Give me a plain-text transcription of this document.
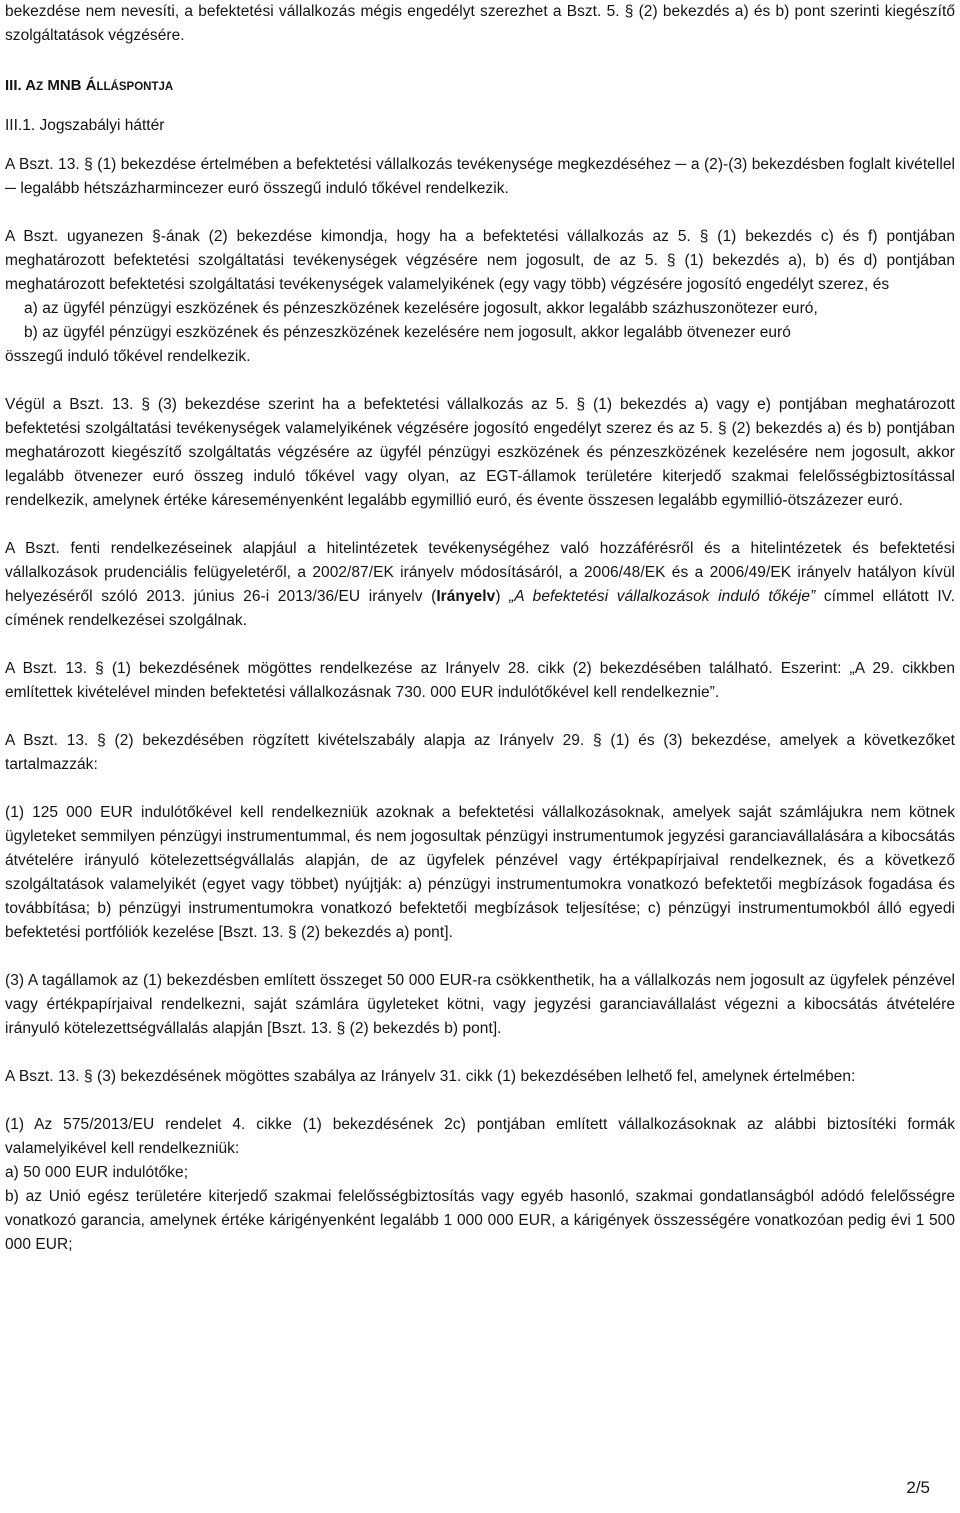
bekezdése nem nevesíti, a befektetési vállalkozás mégis engedélyt szerezhet a Bszt. 5. § (2) bekezdés a) és b) pont szerinti kiegészítő szolgáltatások végzésére.

III. AZ MNB ÁLLÁSPONTJA

III.1. Jogszabályi háttér

A Bszt. 13. § (1) bekezdése értelmében a befektetési vállalkozás tevékenysége megkezdéséhez ─ a (2)-(3) bekezdésben foglalt kivétellel ─ legalább hétszázharmincezer euró összegű induló tőkével rendelkezik.

A Bszt. ugyanezen §-ának (2) bekezdése kimondja, hogy ha a befektetési vállalkozás az 5. § (1) bekezdés c) és f) pontjában meghatározott befektetési szolgáltatási tevékenységek végzésére nem jogosult, de az 5. § (1) bekezdés a), b) és d) pontjában meghatározott befektetési szolgáltatási tevékenységek valamelyikének (egy vagy több) végzésére jogosító engedélyt szerez, és

a) az ügyfél pénzügyi eszközének és pénzeszközének kezelésére jogosult, akkor legalább százhuszonötezer euró,

b) az ügyfél pénzügyi eszközének és pénzeszközének kezelésére nem jogosult, akkor legalább ötvenezer euró

összegű induló tőkével rendelkezik.

Végül a Bszt. 13. § (3) bekezdése szerint ha a befektetési vállalkozás az 5. § (1) bekezdés a) vagy e) pontjában meghatározott befektetési szolgáltatási tevékenységek valamelyikének végzésére jogosító engedélyt szerez és az 5. § (2) bekezdés a) és b) pontjában meghatározott kiegészítő szolgáltatás végzésére az ügyfél pénzügyi eszközének és pénzeszközének kezelésére nem jogosult, akkor legalább ötvenezer euró összeg induló tőkével vagy olyan, az EGT-államok területére kiterjedő szakmai felelősségbiztosítással rendelkezik, amelynek értéke káreseményenként legalább egymillió euró, és évente összesen legalább egymillió-ötszázezer euró.

A Bszt. fenti rendelkezéseinek alapjául a hitelintézetek tevékenységéhez való hozzáférésről és a hitelintézetek és befektetési vállalkozások prudenciális felügyeletéről, a 2002/87/EK irányelv módosításáról, a 2006/48/EK és a 2006/49/EK irányelv hatályon kívül helyezéséről szóló 2013. június 26-i 2013/36/EU irányelv (Irányelv) „A befektetési vállalkozások induló tőkéje” címmel ellátott IV. címének rendelkezései szolgálnak.

A Bszt. 13. § (1) bekezdésének mögöttes rendelkezése az Irányelv 28. cikk (2) bekezdésében található. Eszerint: „A 29. cikkben említettek kivételével minden befektetési vállalkozásnak 730. 000 EUR indulótőkével kell rendelkeznie”.

A Bszt. 13. § (2) bekezdésében rögzített kivételszabály alapja az Irányelv 29. § (1) és (3) bekezdése, amelyek a következőket tartalmazzák:

(1) 125 000 EUR indulótőkével kell rendelkezniük azoknak a befektetési vállalkozásoknak, amelyek saját számlájukra nem kötnek ügyleteket semmilyen pénzügyi instrumentummal, és nem jogosultak pénzügyi instrumentumok jegyzési garanciavállalására a kibocsátás átvételére irányuló kötelezettségvállalás alapján, de az ügyfelek pénzével vagy értékpapírjaival rendelkeznek, és a következő szolgáltatások valamelyikét (egyet vagy többet) nyújtják: a) pénzügyi instrumentumokra vonatkozó befektetői megbízások fogadása és továbbítása; b) pénzügyi instrumentumokra vonatkozó befektetői megbízások teljesítése; c) pénzügyi instrumentumokból álló egyedi befektetési portfóliók kezelése [Bszt. 13. § (2) bekezdés a) pont].

(3) A tagállamok az (1) bekezdésben említett összeget 50 000 EUR-ra csökkenthetik, ha a vállalkozás nem jogosult az ügyfelek pénzével vagy értékpapírjaival rendelkezni, saját számlára ügyleteket kötni, vagy jegyzési garanciavállalást végezni a kibocsátás átvételére irányuló kötelezettségvállalás alapján [Bszt. 13. § (2) bekezdés b) pont].

A Bszt. 13. § (3) bekezdésének mögöttes szabálya az Irányelv 31. cikk (1) bekezdésében lelhető fel, amelynek értelmében:

(1) Az 575/2013/EU rendelet 4. cikke (1) bekezdésének 2c) pontjában említett vállalkozásoknak az alábbi biztosítéki formák valamelyikével kell rendelkezniük:

a) 50 000 EUR indulótőke;

b) az Unió egész területére kiterjedő szakmai felelősségbiztosítás vagy egyéb hasonló, szakmai gondatlanságból adódó felelősségre vonatkozó garancia, amelynek értéke kárigényenként legalább 1 000 000 EUR, a kárigények összességére vonatkozóan pedig évi 1 500 000 EUR;

2/5
